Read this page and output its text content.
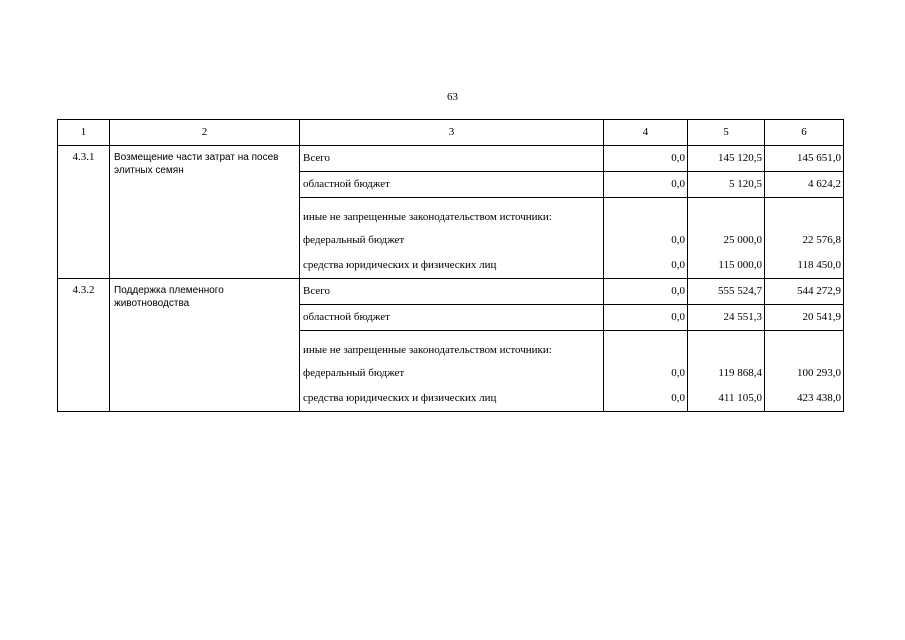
63
1	2	3	4	5	6
4.3.1	Возмещение части затрат на посев элитных семян	Всего	0,0	145 120,5	145 651,0
		областной бюджет	0,0	5 120,5	4 624,2
		иные не запрещенные законодательством источники:			
		федеральный бюджет	0,0	25 000,0	22 576,8
		средства юридических и физических лиц	0,0	115 000,0	118 450,0
4.3.2	Поддержка племенного животноводства	Всего	0,0	555 524,7	544 272,9
		областной бюджет	0,0	24 551,3	20 541,9
		иные не запрещенные законодательством источники:			
		федеральный бюджет	0,0	119 868,4	100 293,0
		средства юридических и физических лиц	0,0	411 105,0	423 438,0
